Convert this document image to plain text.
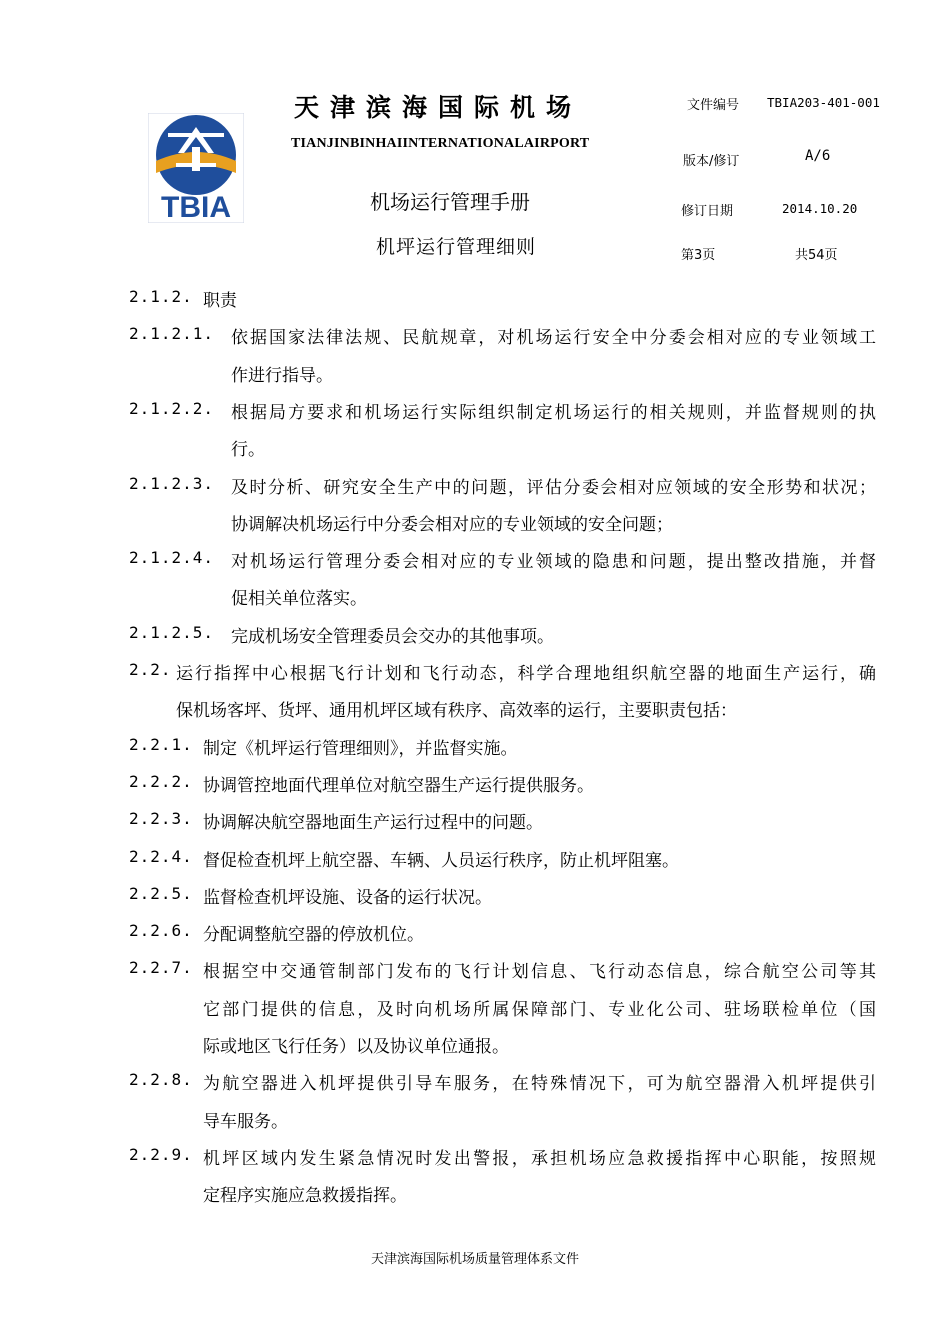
TBIA
天津滨海国际机场
TIANJINBINHAIINTERNATIONALAIRPORT
机场运行管理手册
机坪运行管理细则
文件编号 TBIA203-401-001
版本/修订	A/6
修订日期	2014.10.20
第3页	共54页
2.1.2. 职责
2.1.2.1. 依据国家法律法规、民航规章，对机场运行安全中分委会相对应的专业领域工
作进行指导。
2.1.2.2. 根据局方要求和机场运行实际组织制定机场运行的相关规则，并监督规则的执
行。
2.1.2.3. 及时分析、研究安全生产中的问题，评估分委会相对应领域的安全形势和状况；
协调解决机场运行中分委会相对应的专业领域的安全问题；
2.1.2.4. 对机场运行管理分委会相对应的专业领域的隐患和问题，提出整改措施，并督
促相关单位落实。
2.1.2.5. 完成机场安全管理委员会交办的其他事项。
2.2. 运行指挥中心根据飞行计划和飞行动态，科学合理地组织航空器的地面生产运行，确
保机场客坪、货坪、通用机坪区域有秩序、高效率的运行，主要职责包括：
2.2.1. 制定《机坪运行管理细则》，并监督实施。
2.2.2. 协调管控地面代理单位对航空器生产运行提供服务。
2.2.3. 协调解决航空器地面生产运行过程中的问题。
2.2.4. 督促检查机坪上航空器、车辆、人员运行秩序，防止机坪阻塞。
2.2.5. 监督检查机坪设施、设备的运行状况。
2.2.6. 分配调整航空器的停放机位。
2.2.7. 根据空中交通管制部门发布的飞行计划信息、飞行动态信息，综合航空公司等其
它部门提供的信息，及时向机场所属保障部门、专业化公司、驻场联检单位（国
际或地区飞行任务）以及协议单位通报。
2.2.8. 为航空器进入机坪提供引导车服务，在特殊情况下，可为航空器滑入机坪提供引
导车服务。
2.2.9. 机坪区域内发生紧急情况时发出警报，承担机场应急救援指挥中心职能，按照规
定程序实施应急救援指挥。
天津滨海国际机场质量管理体系文件
